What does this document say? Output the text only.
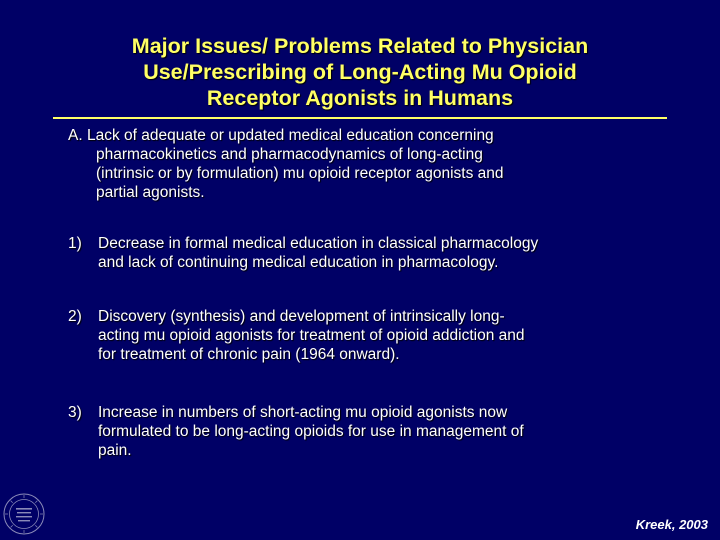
Major Issues/ Problems Related to Physician
Use/Prescribing of Long-Acting Mu Opioid
Receptor Agonists in Humans
A. Lack of adequate or updated medical education concerning
pharmacokinetics and pharmacodynamics of long-acting
(intrinsic or by formulation) mu opioid receptor agonists and
partial agonists.
1) Decrease in formal medical education in classical pharmacology
and lack of continuing medical education in pharmacology.
2) Discovery (synthesis) and development of intrinsically long-
acting mu opioid agonists for treatment of opioid addiction and
for treatment of chronic pain (1964 onward).
3) Increase in numbers of short-acting mu opioid agonists now
formulated to be long-acting opioids for use in management of
pain.
Kreek, 2003
